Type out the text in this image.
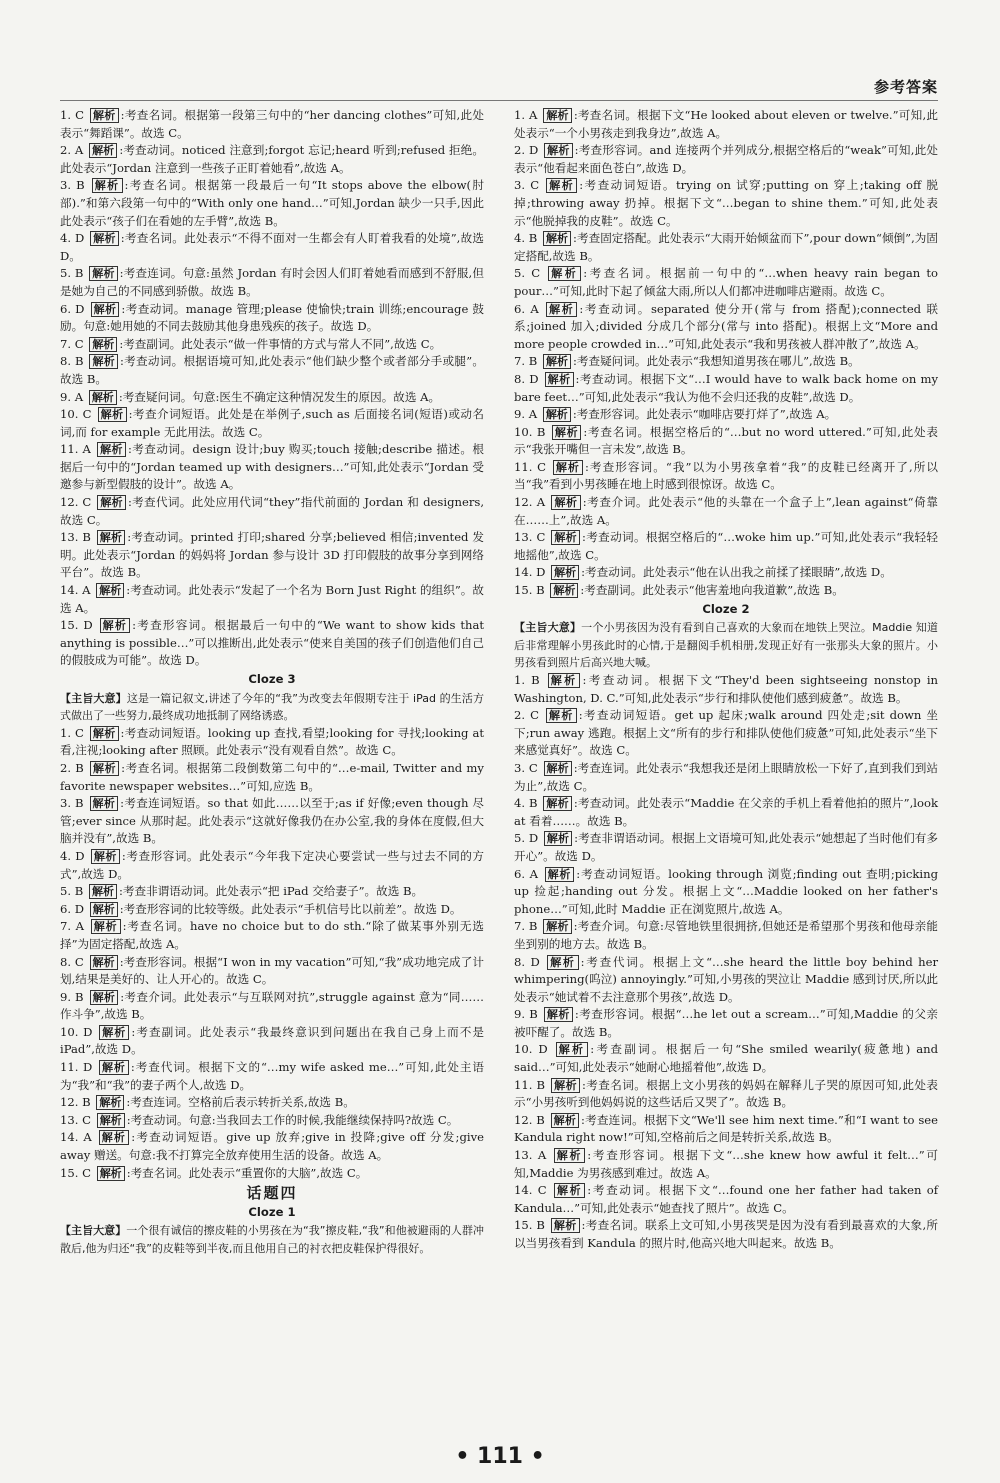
参考答案

1. C 解析 :考查名词。根据第一段第三句中的“her dancing clothes”可知,此处表示“舞蹈课”。故选 C。

2. A 解析 :考查动词。noticed 注意到;forgot 忘记;heard 听到;refused 拒绝。此处表示“Jordan 注意到一些孩子正盯着她看”,故选 A。

3. B 解析 :考查名词。根据第一段最后一句“It stops above the elbow(肘部).”和第六段第一句中的“With only one hand…”可知,Jordan 缺少一只手,因此此处表示“孩子们在看她的左手臂”,故选 B。

4. D 解析 :考查名词。此处表示“不得不面对一生都会有人盯着我看的处境”,故选 D。

5. B 解析 :考查连词。句意:虽然 Jordan 有时会因人们盯着她看而感到不舒服,但是她为自己的不同感到骄傲。故选 B。

6. D 解析 :考查动词。manage 管理;please 使愉快;train 训练;encourage 鼓励。句意:她用她的不同去鼓励其他身患残疾的孩子。故选 D。

7. C 解析 :考查副词。此处表示“做一件事情的方式与常人不同”,故选 C。

8. B 解析 :考查动词。根据语境可知,此处表示“他们缺少整个或者部分手或腿”。故选 B。

9. A 解析 :考查疑问词。句意:医生不确定这种情况发生的原因。故选 A。

10. C 解析 :考查介词短语。此处是在举例子,such as 后面接名词(短语)或动名词,而 for example 无此用法。故选 C。

11. A 解析 :考查动词。design 设计;buy 购买;touch 接触;describe 描述。根据后一句中的“Jordan teamed up with designers…”可知,此处表示“Jordan 受邀参与新型假肢的设计”。故选 A。

12. C 解析 :考查代词。此处应用代词“they”指代前面的 Jordan 和 designers,故选 C。

13. B 解析 :考查动词。printed 打印;shared 分享;believed 相信;invented 发明。此处表示“Jordan 的妈妈将 Jordan 参与设计 3D 打印假肢的故事分享到网络平台”。故选 B。

14. A 解析 :考查动词。此处表示“发起了一个名为 Born Just Right 的组织”。故选 A。

15. D 解析 :考查形容词。根据最后一句中的“We want to show kids that anything is possible…”可以推断出,此处表示“使来自美国的孩子们创造他们自己的假肢成为可能”。故选 D。

Cloze 3

【主旨大意】这是一篇记叙文,讲述了今年的“我”为改变去年假期专注于 iPad 的生活方式做出了一些努力,最终成功地抵制了网络诱惑。

1. C 解析 :考查动词短语。looking up 查找,看望;looking for 寻找;looking at 看,注视;looking after 照顾。此处表示“没有观看自然”。故选 C。

2. B 解析 :考查名词。根据第二段倒数第二句中的“…e-mail, Twitter and my favorite newspaper websites…”可知,应选 B。

3. B 解析 :考查连词短语。so that 如此……以至于;as if 好像;even though 尽管;ever since 从那时起。此处表示“这就好像我仍在办公室,我的身体在度假,但大脑并没有”,故选 B。

4. D 解析 :考查形容词。此处表示“今年我下定决心要尝试一些与过去不同的方式”,故选 D。

5. B 解析 :考查非谓语动词。此处表示“把 iPad 交给妻子”。故选 B。

6. D 解析 :考查形容词的比较等级。此处表示“手机信号比以前差”。故选 D。

7. A 解析 :考查名词。have no choice but to do sth.“除了做某事外别无选择”为固定搭配,故选 A。

8. C 解析 :考查形容词。根据“I won in my vacation”可知,“我”成功地完成了计划,结果是美好的、让人开心的。故选 C。

9. B 解析 :考查介词。此处表示“与互联网对抗”,struggle against 意为“同……作斗争”,故选 B。

10. D 解析 :考查副词。此处表示“我最终意识到问题出在我自己身上而不是 iPad”,故选 D。

11. D 解析 :考查代词。根据下文的“…my wife asked me…”可知,此处主语为“我”和“我”的妻子两个人,故选 D。

12. B 解析 :考查连词。空格前后表示转折关系,故选 B。

13. C 解析 :考查动词。句意:当我回去工作的时候,我能继续保持吗?故选 C。

14. A 解析 :考查动词短语。give up 放弃;give in 投降;give off 分发;give away 赠送。句意:我不打算完全放弃使用生活的设备。故选 A。

15. C 解析 :考查名词。此处表示“重置你的大脑”,故选 C。

话题四
Cloze 1

【主旨大意】一个很有诚信的擦皮鞋的小男孩在为“我”擦皮鞋,“我”和他被避雨的人群冲散后,他为归还“我”的皮鞋等到半夜,而且他用自己的衬衣把皮鞋保护得很好。

1. A 解析 :考查名词。根据下文“He looked about eleven or twelve.”可知,此处表示“一个小男孩走到我身边”,故选 A。

2. D 解析 :考查形容词。and 连接两个并列成分,根据空格后的“weak”可知,此处表示“他看起来面色苍白”,故选 D。

3. C 解析 :考查动词短语。trying on 试穿;putting on 穿上;taking off 脱掉;throwing away 扔掉。根据下文“…began to shine them.”可知,此处表示“他脱掉我的皮鞋”。故选 C。

4. B 解析 :考查固定搭配。此处表示“大雨开始倾盆而下”,pour down“倾倒”,为固定搭配,故选 B。

5. C 解析 :考查名词。根据前一句中的“…when heavy rain began to pour…”可知,此时下起了倾盆大雨,所以人们都冲进咖啡店避雨。故选 C。

6. A 解析 :考查动词。separated 使分开(常与 from 搭配);connected 联系;joined 加入;divided 分成几个部分(常与 into 搭配)。根据上文“More and more people crowded in…”可知,此处表示“我和男孩被人群冲散了”,故选 A。

7. B 解析 :考查疑问词。此处表示“我想知道男孩在哪儿”,故选 B。

8. D 解析 :考查动词。根据下文“…I would have to walk back home on my bare feet…”可知,此处表示“我认为他不会归还我的皮鞋”,故选 D。

9. A 解析 :考查形容词。此处表示“咖啡店要打烊了”,故选 A。

10. B 解析 :考查名词。根据空格后的“…but no word uttered.”可知,此处表示“我张开嘴但一言未发”,故选 B。

11. C 解析 :考查形容词。“我”以为小男孩拿着“我”的皮鞋已经离开了,所以当“我”看到小男孩睡在地上时感到很惊讶。故选 C。

12. A 解析 :考查介词。此处表示“他的头靠在一个盒子上”,lean against“倚靠在……上”,故选 A。

13. C 解析 :考查动词。根据空格后的“…woke him up.”可知,此处表示“我轻轻地摇他”,故选 C。

14. D 解析 :考查动词。此处表示“他在认出我之前揉了揉眼睛”,故选 D。

15. B 解析 :考查副词。此处表示“他害羞地向我道歉”,故选 B。

Cloze 2

【主旨大意】一个小男孩因为没有看到自己喜欢的大象而在地铁上哭泣。Maddie 知道后非常理解小男孩此时的心情,于是翻阅手机相册,发现正好有一张那头大象的照片。小男孩看到照片后高兴地大喊。

1. B 解析 :考查动词。根据下文“They'd been sightseeing nonstop in Washington, D. C.”可知,此处表示“步行和排队使他们感到疲惫”。故选 B。

2. C 解析 :考查动词短语。get up 起床;walk around 四处走;sit down 坐下;run away 逃跑。根据上文“所有的步行和排队使他们疲惫”可知,此处表示“坐下来感觉真好”。故选 C。

3. C 解析 :考查连词。此处表示“我想我还是闭上眼睛放松一下好了,直到我们到站为止”,故选 C。

4. B 解析 :考查动词。此处表示“Maddie 在父亲的手机上看着他拍的照片”,look at 看着……。故选 B。

5. D 解析 :考查非谓语动词。根据上文语境可知,此处表示“她想起了当时他们有多开心”。故选 D。

6. A 解析 :考查动词短语。looking through 浏览;finding out 查明;picking up 捡起;handing out 分发。根据上文“…Maddie looked on her father's phone…”可知,此时 Maddie 正在浏览照片,故选 A。

7. B 解析 :考查介词。句意:尽管地铁里很拥挤,但她还是希望那个男孩和他母亲能坐到别的地方去。故选 B。

8. D 解析 :考查代词。根据上文“…she heard the little boy behind her whimpering(呜泣) annoyingly.”可知,小男孩的哭泣让 Maddie 感到讨厌,所以此处表示“她试着不去注意那个男孩”,故选 D。

9. B 解析 :考查形容词。根据“…he let out a scream…”可知,Maddie 的父亲被吓醒了。故选 B。

10. D 解析 :考查副词。根据后一句“She smiled wearily(疲惫地) and said…”可知,此处表示“她耐心地摇着他”,故选 D。

11. B 解析 :考查名词。根据上文小男孩的妈妈在解释儿子哭的原因可知,此处表示“小男孩听到他妈妈说的这些话后又哭了”。故选 B。

12. B 解析 :考查连词。根据下文“We'll see him next time.”和“I want to see Kandula right now!”可知,空格前后之间是转折关系,故选 B。

13. A 解析 :考查形容词。根据下文“…she knew how awful it felt…”可知,Maddie 为男孩感到难过。故选 A。

14. C 解析 :考查动词。根据下文“…found one her father had taken of Kandula…”可知,此处表示“她查找了照片”。故选 C。

15. B 解析 :考查名词。联系上文可知,小男孩哭是因为没有看到最喜欢的大象,所以当男孩看到 Kandula 的照片时,他高兴地大叫起来。故选 B。

• 111 •
